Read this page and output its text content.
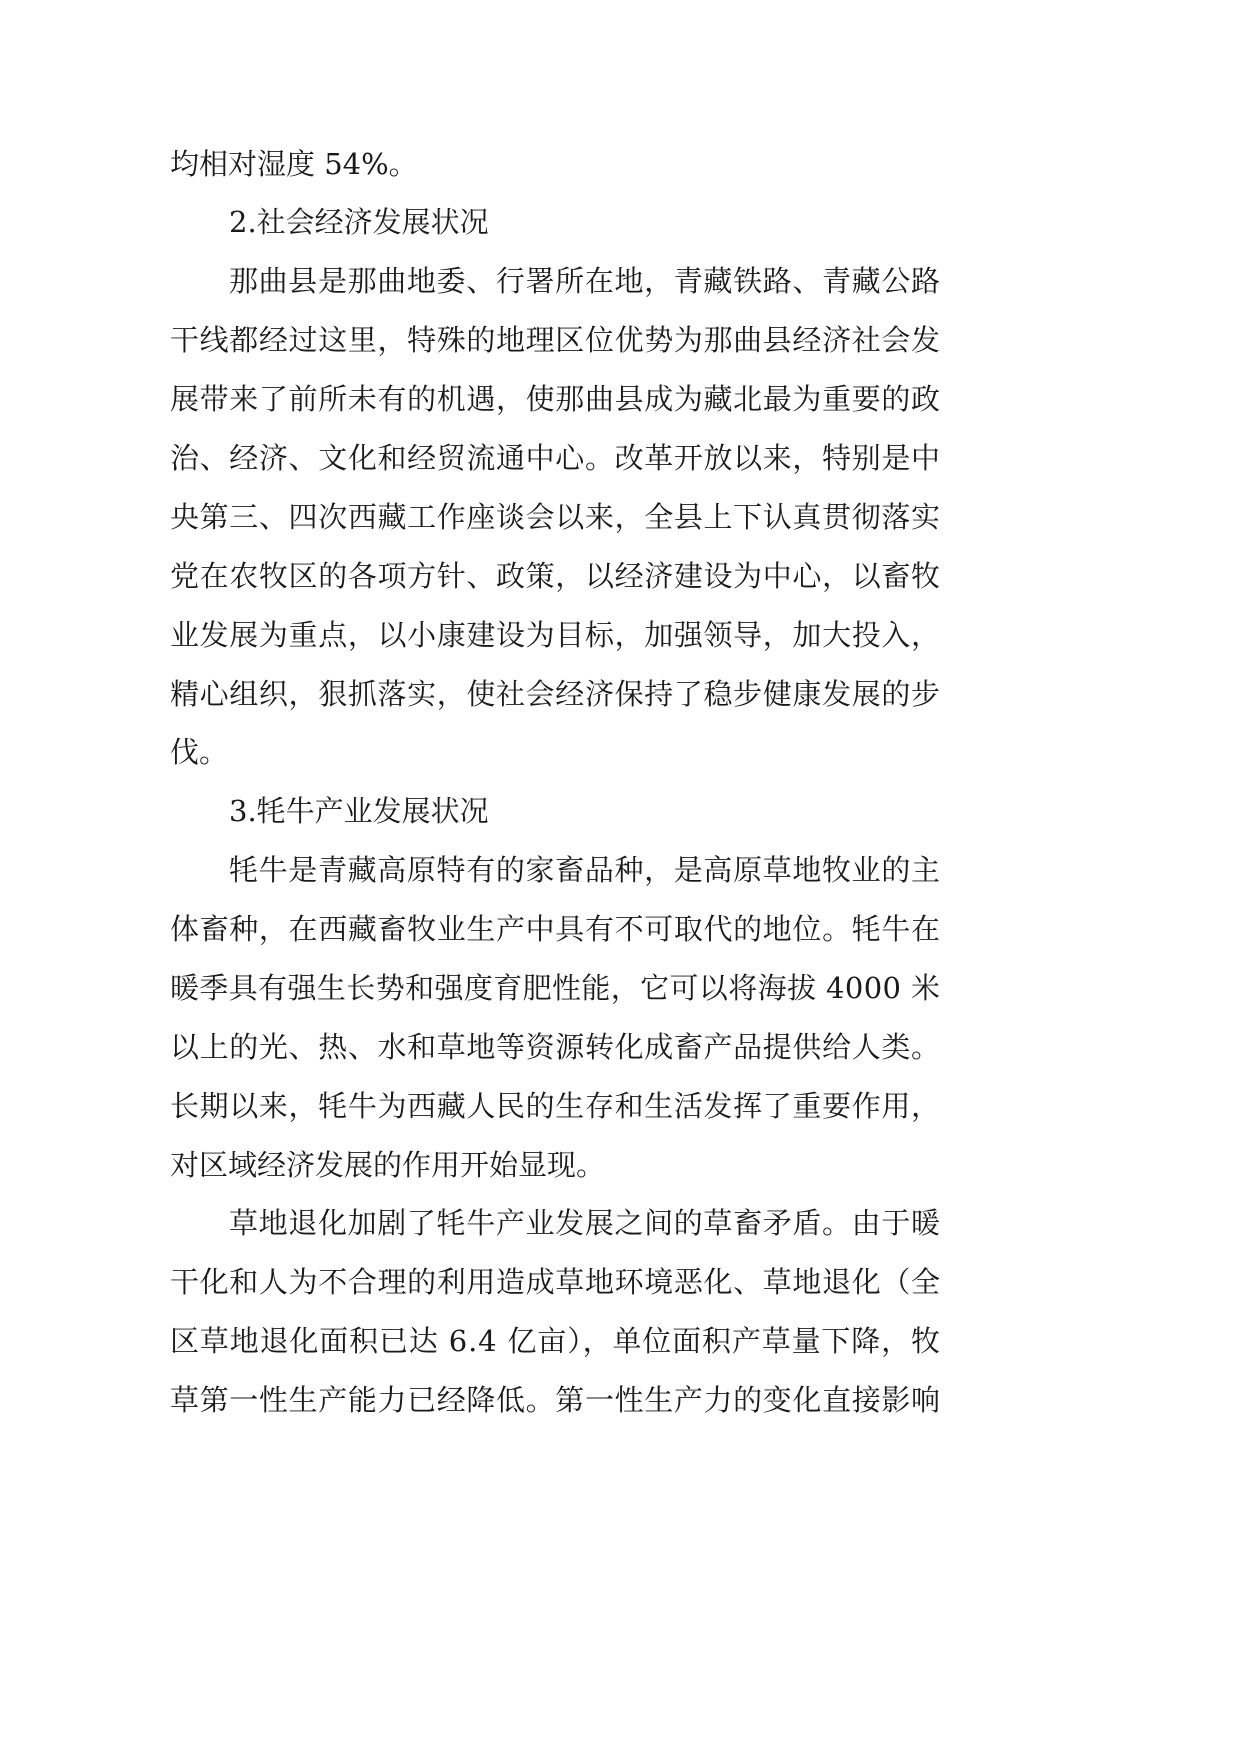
均相对湿度 54%。
2.社会经济发展状况
那曲县是那曲地委、行署所在地，青藏铁路、青藏公路
干线都经过这里，特殊的地理区位优势为那曲县经济社会发
展带来了前所未有的机遇，使那曲县成为藏北最为重要的政
治、经济、文化和经贸流通中心。改革开放以来，特别是中
央第三、四次西藏工作座谈会以来，全县上下认真贯彻落实
党在农牧区的各项方针、政策，以经济建设为中心，以畜牧
业发展为重点，以小康建设为目标，加强领导，加大投入，
精心组织，狠抓落实，使社会经济保持了稳步健康发展的步
伐。
3.牦牛产业发展状况
牦牛是青藏高原特有的家畜品种，是高原草地牧业的主
体畜种，在西藏畜牧业生产中具有不可取代的地位。牦牛在
暖季具有强生长势和强度育肥性能，它可以将海拔 4000 米
以上的光、热、水和草地等资源转化成畜产品提供给人类。
长期以来，牦牛为西藏人民的生存和生活发挥了重要作用，
对区域经济发展的作用开始显现。
草地退化加剧了牦牛产业发展之间的草畜矛盾。由于暖
干化和人为不合理的利用造成草地环境恶化、草地退化（全
区草地退化面积已达 6.4 亿亩），单位面积产草量下降，牧
草第一性生产能力已经降低。第一性生产力的变化直接影响
